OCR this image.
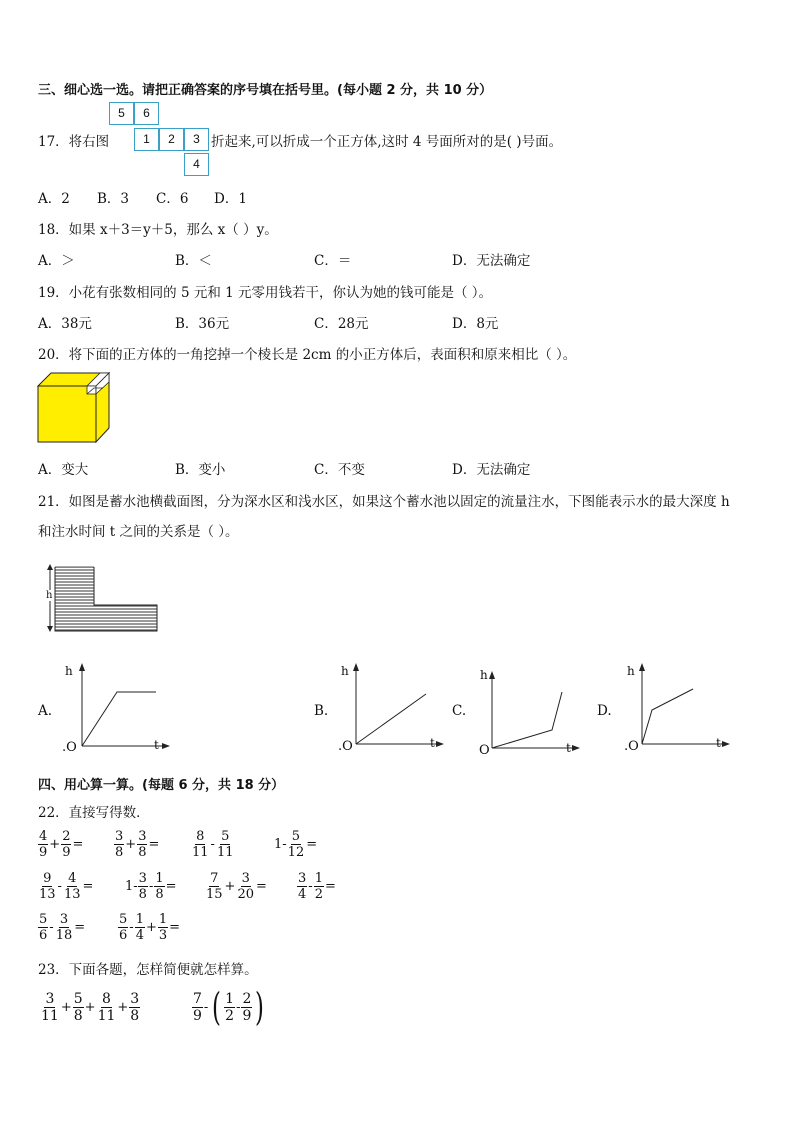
三、细心选一选。请把正确答案的序号填在括号里。(每小题 2 分，共 10 分）
17．将右图
5	6
1	2	3
4
折起来,可以折成一个正方体,这时 4 号面所对的是( )号面。
A．2 B．3 C．6 D．1
18．如果 x＋3＝y＋5，那么 x（ ）y。
A．＞	B．＜	C．＝	D．无法确定
19．小花有张数相同的 5 元和 1 元零用钱若干，你认为她的钱可能是（ ）。
A．38元	B．36元	C．28元	D．8元
20．将下面的正方体的一角挖掉一个棱长是 2cm 的小正方体后，表面积和原来相比（ ）。
A．变大	B．变小	C．不变	D．无法确定
21．如图是蓄水池横截面图，分为深水区和浅水区，如果这个蓄水池以固定的流量注水，下图能表示水的最大深度 h
和注水时间 t 之间的关系是（ ）。
h
A.
h
t
.O
B.
h
t
.O
C.
h
t
O
D.
h
t
.O
四、用心算一算。(每题 6 分，共 18 分）
22．直接写得数．
$\frac{4}{9} + \frac{2}{9} = \frac{3}{8} + \frac{3}{8} = \frac{8}{11} - \frac{5}{11}$	$1- \frac{5}{12}$ =
$\frac{9}{13} - \frac{4}{13} = 1- \frac{3}{8} - \frac{1}{8} = \frac{7}{15} + \frac{3}{20} = \frac{3}{4} - \frac{1}{2}$ =
$\frac{5}{6} - \frac{3}{18}$ =	$\frac{5}{6} - \frac{1}{4} + \frac{1}{3}$ =
23．下面各题，怎样简便就怎样算。
$\frac{3}{11} + \frac{5}{8} + \frac{8}{11} + \frac{3}{8}$	$\frac{7}{9}$ - ( $\frac{1}{2} - \frac{2}{9}$ )
